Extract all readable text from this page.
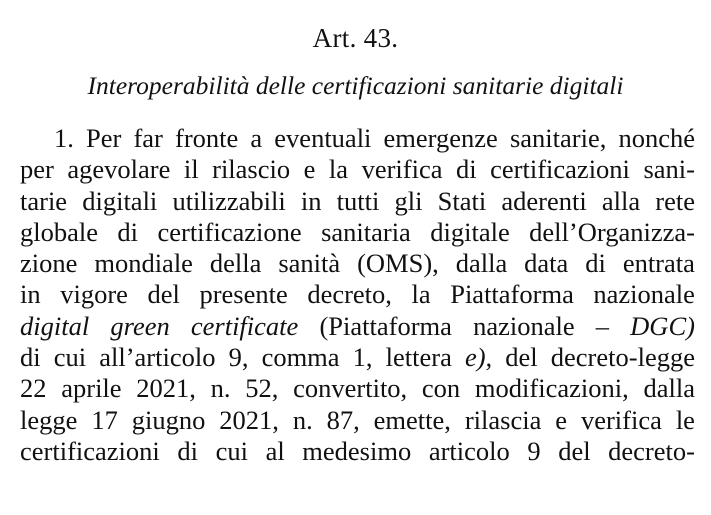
Art. 43.
Interoperabilità delle certificazioni sanitarie digitali
1. Per far fronte a eventuali emergenze sanitarie, nonché
per agevolare il rilascio e la verifica di certificazioni sani-
tarie digitali utilizzabili in tutti gli Stati aderenti alla rete
globale di certificazione sanitaria digitale dell’Organizza-
zione mondiale della sanità (OMS), dalla data di entrata
in vigore del presente decreto, la Piattaforma nazionale
digital green certificate (Piattaforma nazionale – DGC)
di cui all’articolo 9, comma 1, lettera e), del decreto-legge
22 aprile 2021, n. 52, convertito, con modificazioni, dalla
legge 17 giugno 2021, n. 87, emette, rilascia e verifica le
certificazioni di cui al medesimo articolo 9 del decreto-
